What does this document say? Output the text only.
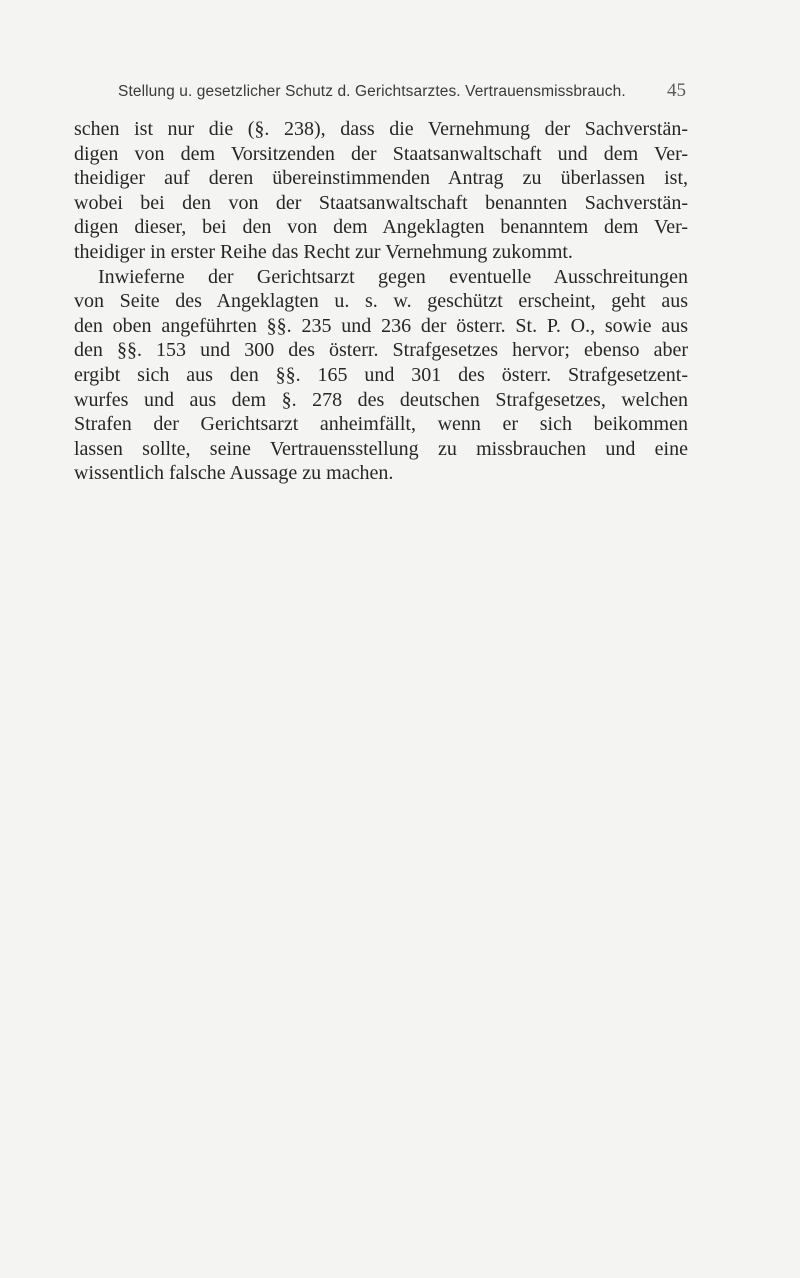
Stellung u. gesetzlicher Schutz d. Gerichtsarztes. Vertrauensmissbrauch. 45

schen ist nur die (§. 238), dass die Vernehmung der Sachverstän-
digen von dem Vorsitzenden der Staatsanwaltschaft und dem Ver-
theidiger auf deren übereinstimmenden Antrag zu überlassen ist,
wobei bei den von der Staatsanwaltschaft benannten Sachverstän-
digen dieser, bei den von dem Angeklagten benanntem dem Ver-
theidiger in erster Reihe das Recht zur Vernehmung zukommt.

Inwieferne der Gerichtsarzt gegen eventuelle Ausschreitungen
von Seite des Angeklagten u. s. w. geschützt erscheint, geht aus
den oben angeführten §§. 235 und 236 der österr. St. P. O., sowie aus
den §§. 153 und 300 des österr. Strafgesetzes hervor; ebenso aber
ergibt sich aus den §§. 165 und 301 des österr. Strafgesetzent-
wurfes und aus dem §. 278 des deutschen Strafgesetzes, welchen
Strafen der Gerichtsarzt anheimfällt, wenn er sich beikommen
lassen sollte, seine Vertrauensstellung zu missbrauchen und eine
wissentlich falsche Aussage zu machen.
